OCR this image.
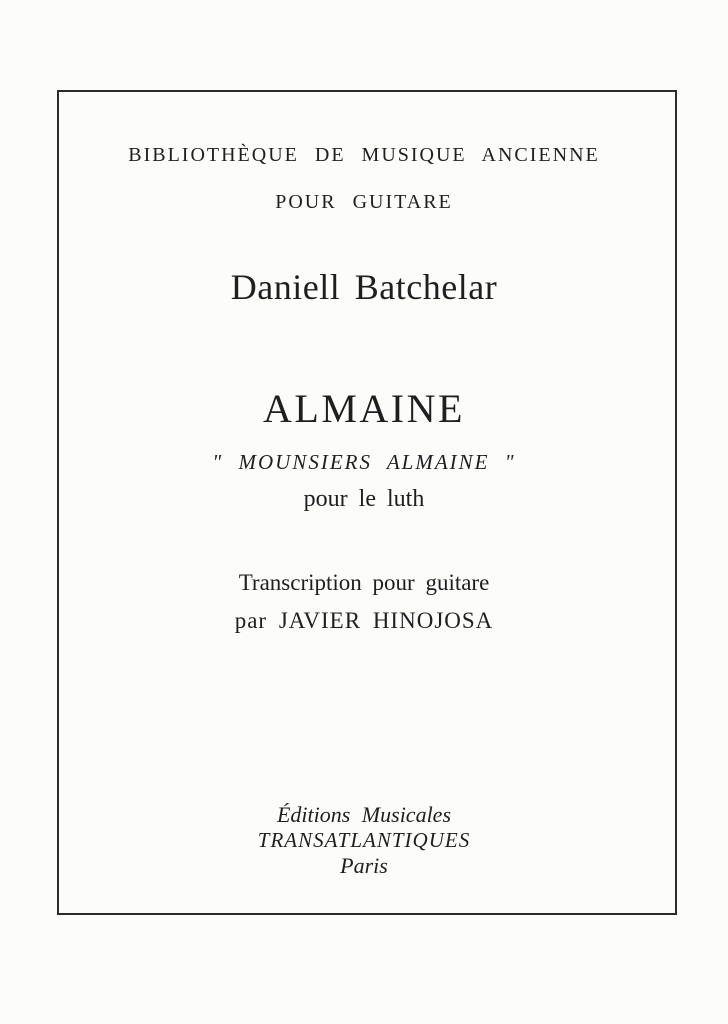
BIBLIOTHÈQUE DE MUSIQUE ANCIENNE
POUR GUITARE
Daniell Batchelar
ALMAINE
" MOUNSIERS ALMAINE "
pour le luth
Transcription pour guitare
par JAVIER HINOJOSA
Éditions Musicales
TRANSATLANTIQUES
Paris
